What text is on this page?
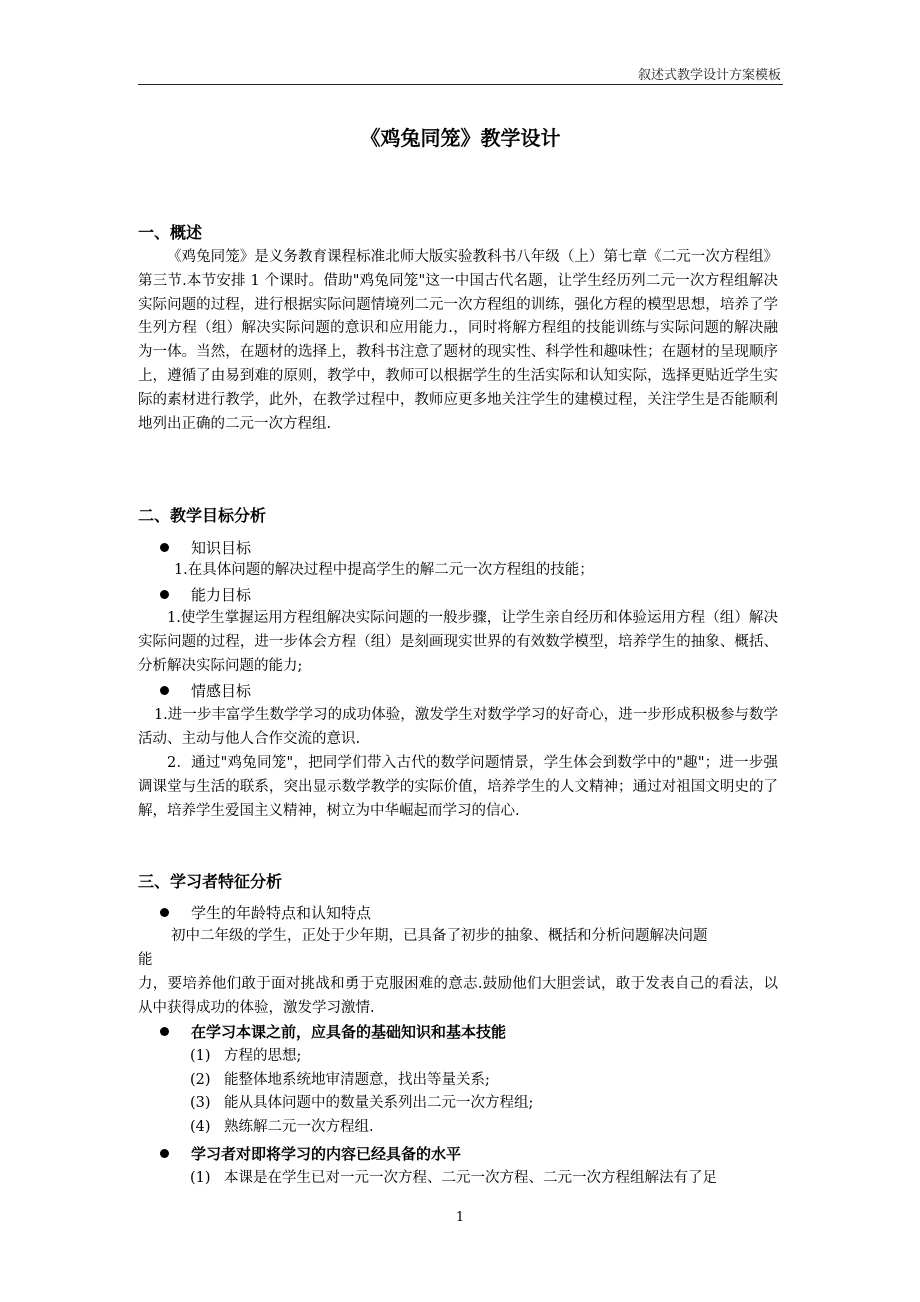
叙述式教学设计方案模板
《鸡兔同笼》教学设计
一、概述
《鸡兔同笼》是义务教育课程标准北师大版实验教科书八年级（上）第七章《二元一次方程组》第三节.本节安排 1 个课时。借助"鸡兔同笼"这一中国古代名题，让学生经历列二元一次方程组解决实际问题的过程，进行根据实际问题情境列二元一次方程组的训练，强化方程的模型思想，培养了学生列方程（组）解决实际问题的意识和应用能力.，同时将解方程组的技能训练与实际问题的解决融为一体。当然，在题材的选择上，教科书注意了题材的现实性、科学性和趣味性；在题材的呈现顺序上，遵循了由易到难的原则，教学中，教师可以根据学生的生活实际和认知实际，选择更贴近学生实际的素材进行教学，此外，在教学过程中，教师应更多地关注学生的建模过程，关注学生是否能顺利地列出正确的二元一次方程组.
二、教学目标分析
知识目标
1.在具体问题的解决过程中提高学生的解二元一次方程组的技能；
能力目标
1.使学生掌握运用方程组解决实际问题的一般步骤，让学生亲自经历和体验运用方程（组）解决实际问题的过程，进一步体会方程（组）是刻画现实世界的有效数学模型，培养学生的抽象、概括、分析解决实际问题的能力;
情感目标
1.进一步丰富学生数学学习的成功体验，激发学生对数学学习的好奇心，进一步形成积极参与数学活动、主动与他人合作交流的意识.
2．通过"鸡兔同笼"，把同学们带入古代的数学问题情景，学生体会到数学中的"趣"；进一步强调课堂与生活的联系，突出显示数学教学的实际价值，培养学生的人文精神；通过对祖国文明史的了解，培养学生爱国主义精神，树立为中华崛起而学习的信心.
三、学习者特征分析
学生的年龄特点和认知特点
初中二年级的学生，正处于少年期，已具备了初步的抽象、概括和分析问题解决问题
能
力，要培养他们敢于面对挑战和勇于克服困难的意志.鼓励他们大胆尝试，敢于发表自己的看法，以从中获得成功的体验，激发学习激情.
在学习本课之前，应具备的基础知识和基本技能
(1) 方程的思想;
(2) 能整体地系统地审清题意，找出等量关系;
(3) 能从具体问题中的数量关系列出二元一次方程组;
(4) 熟练解二元一次方程组.
学习者对即将学习的内容已经具备的水平
(1) 本课是在学生已对一元一次方程、二元一次方程、二元一次方程组解法有了足
1
